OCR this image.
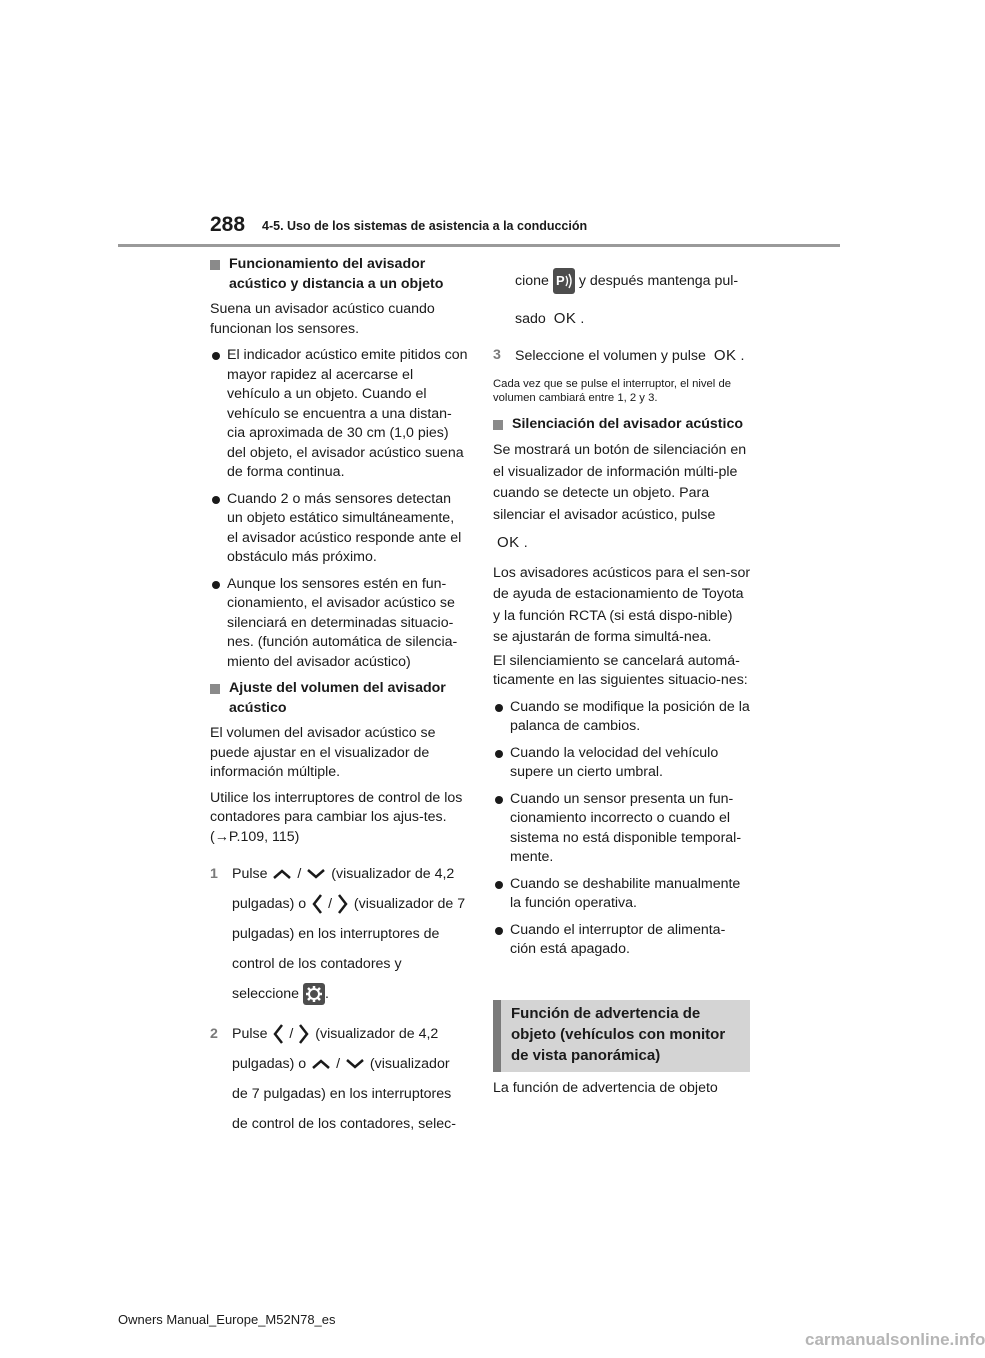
288 4-5. Uso de los sistemas de asistencia a la conducción

Funcionamiento del avisador acústico y distancia a un objeto

Suena un avisador acústico cuando funcionan los sensores.

El indicador acústico emite pitidos con mayor rapidez al acercarse el vehículo a un objeto. Cuando el vehículo se encuentra a una distan-cia aproximada de 30 cm (1,0 pies) del objeto, el avisador acústico suena de forma continua.

Cuando 2 o más sensores detectan un objeto estático simultáneamente, el avisador acústico responde ante el obstáculo más próximo.

Aunque los sensores estén en fun-cionamiento, el avisador acústico se silenciará en determinadas situacio-nes. (función automática de silencia-miento del avisador acústico)

Ajuste del volumen del avisador acústico

El volumen del avisador acústico se puede ajustar en el visualizador de información múltiple.

Utilice los interruptores de control de los contadores para cambiar los ajus-tes. (→P.109, 115)

1 Pulse / (visualizador de 4,2 pulgadas) o / (visualizador de 7 pulgadas) en los interruptores de control de los contadores y seleccione .
2 Pulse / (visualizador de 4,2 pulgadas) o / (visualizador de 7 pulgadas) en los interruptores de control de los contadores, selec-
cione P y después mantenga pul- sado OK .
3 Seleccione el volumen y pulse OK .

Cada vez que se pulse el interruptor, el nivel de volumen cambiará entre 1, 2 y 3.

Silenciación del avisador acústico

Se mostrará un botón de silenciación en el visualizador de información múlti-ple cuando se detecte un objeto. Para silenciar el avisador acústico, pulse
OK .

Los avisadores acústicos para el sen-sor de ayuda de estacionamiento de Toyota y la función RCTA (si está dispo-nible) se ajustarán de forma simultá-nea.

El silenciamiento se cancelará automá-ticamente en las siguientes situacio-nes:

Cuando se modifique la posición de la palanca de cambios.

Cuando la velocidad del vehículo supere un cierto umbral.

Cuando un sensor presenta un fun-cionamiento incorrecto o cuando el sistema no está disponible temporal-mente.

Cuando se deshabilite manualmente la función operativa.

Cuando el interruptor de alimenta-ción está apagado.

Función de advertencia de objeto (vehículos con monitor de vista panorámica)
La función de advertencia de objeto
Owners Manual_Europe_M52N78_es
carmanualsonline.info
